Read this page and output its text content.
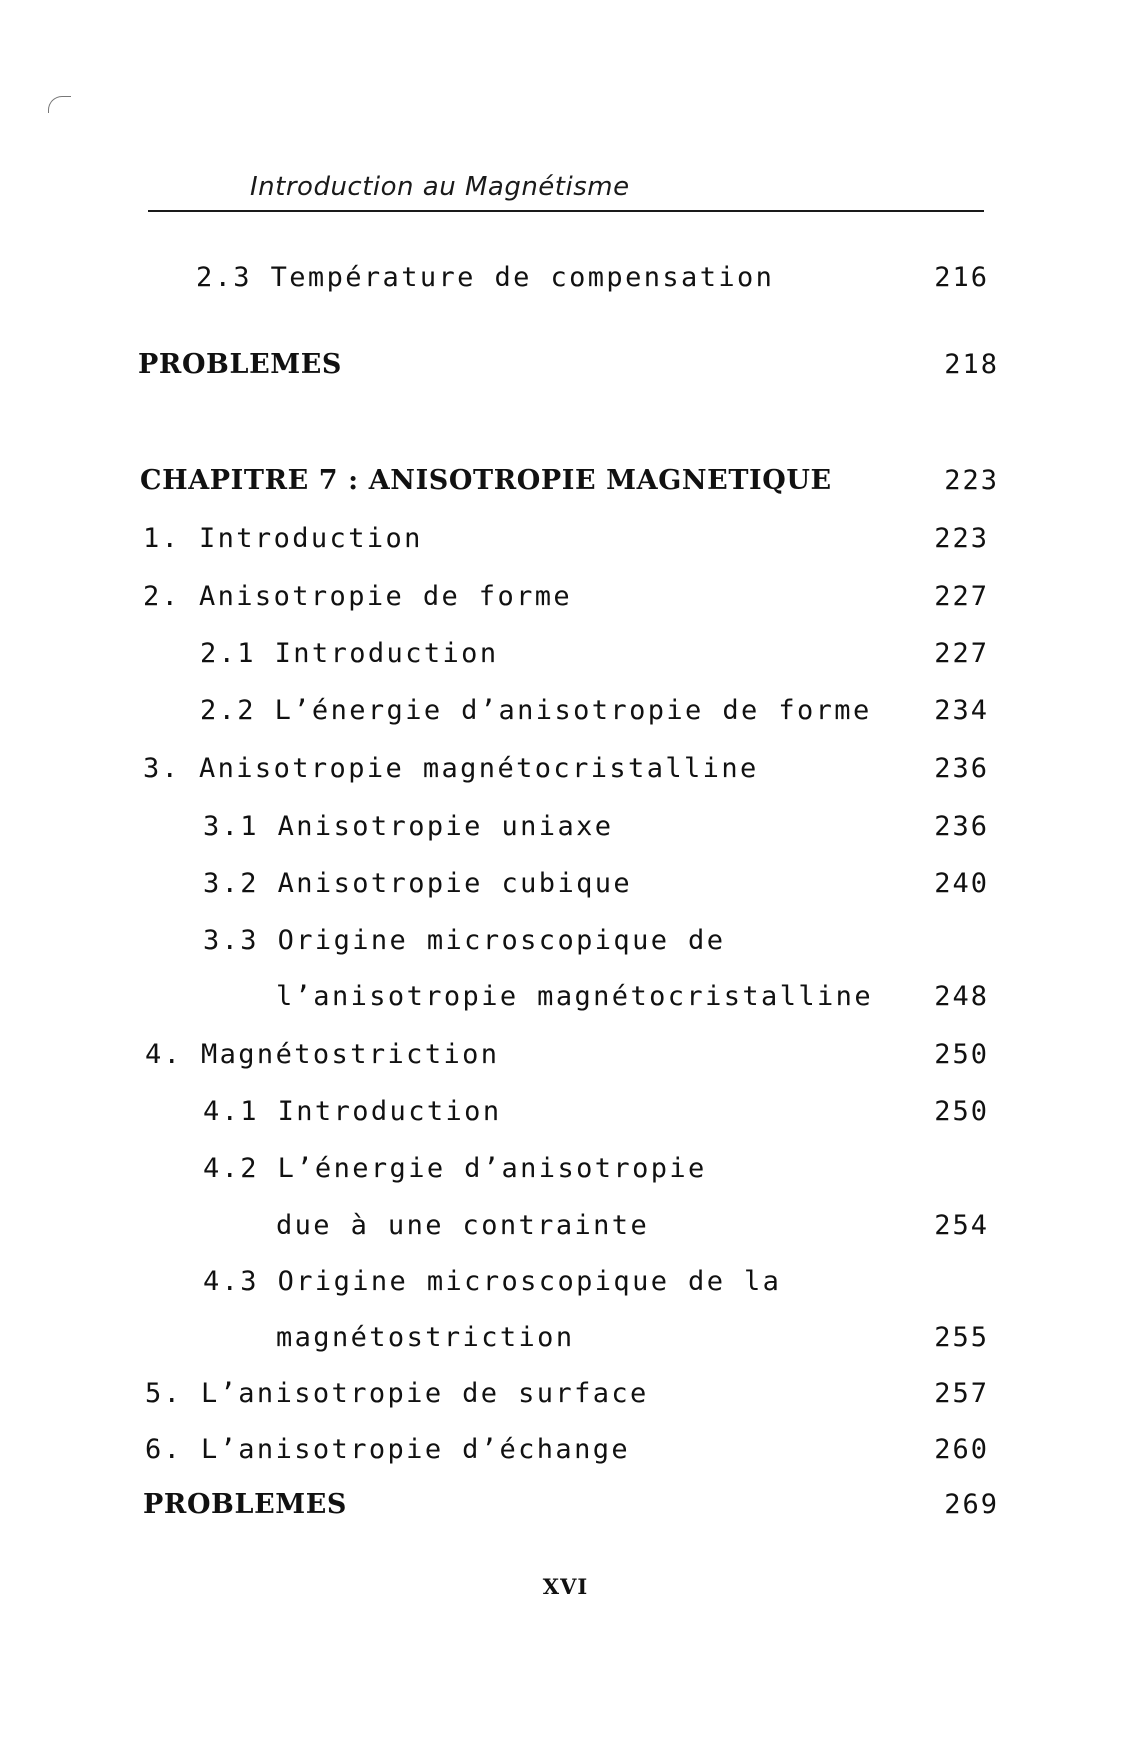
Introduction au Magnétisme
2.3 Température de compensation	216
PROBLEMES	218
CHAPITRE 7 : ANISOTROPIE MAGNETIQUE	223
1. Introduction	223
2. Anisotropie de forme	227
2.1 Introduction	227
2.2 L’énergie d’anisotropie de forme 234
3. Anisotropie magnétocristalline	236
3.1 Anisotropie uniaxe	236
3.2 Anisotropie cubique	240
3.3 Origine microscopique de
l’anisotropie magnétocristalline 248
4. Magnétostriction	250
4.1 Introduction	250
4.2 L’énergie d’anisotropie
due à une contrainte	254
4.3 Origine microscopique de la
magnétostriction	255
5. L’anisotropie de surface	257
6. L’anisotropie d’échange	260
PROBLEMES	269
XVI
